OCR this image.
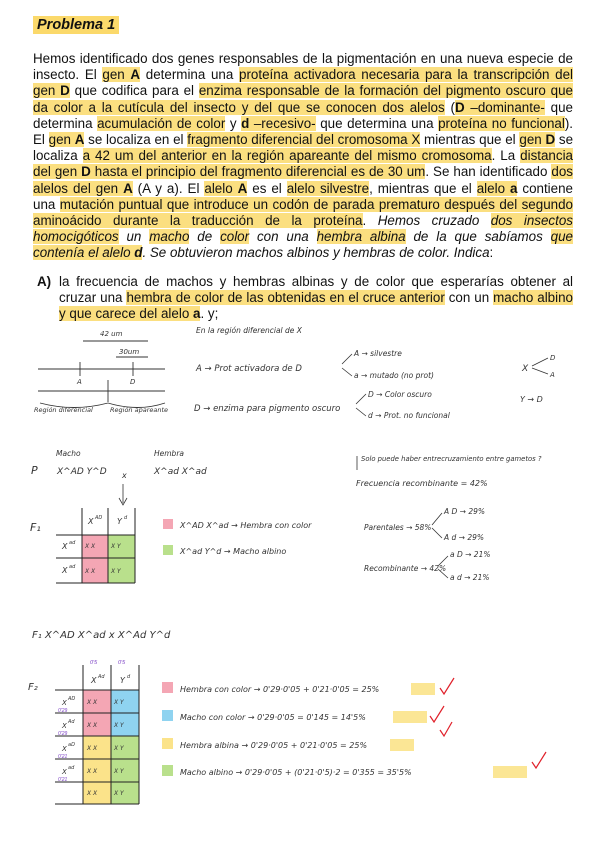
Problema 1
Hemos identificado dos genes responsables de la pigmentación en una nueva especie de insecto. El gen A determina una proteína activadora necesaria para la transcripción del gen D que codifica para el enzima responsable de la formación del pigmento oscuro que da color a la cutícula del insecto y del que se conocen dos alelos (D –dominante- que determina acumulación de color y d –recesivo- que determina una proteína no funcional). El gen A se localiza en el fragmento diferencial del cromosoma X mientras que el gen D se localiza a 42 um del anterior en la región apareante del mismo cromosoma. La distancia del gen D hasta el principio del fragmento diferencial es de 30 um. Se han identificado dos alelos del gen A (A y a). El alelo A es el alelo silvestre, mientras que el alelo a contiene una mutación puntual que introduce un codón de parada prematuro después del segundo aminoácido durante la traducción de la proteína. Hemos cruzado dos insectos homocigóticos un macho de color con una hembra albina de la que sabíamos que contenía el alelo d. Se obtuvieron machos albinos y hembras de color. Indica:
A) la frecuencia de machos y hembras albinas y de color que esperarías obtener al cruzar una hembra de color de las obtenidas en el cruce anterior con un macho albino y que carece del alelo a. y;
42 um
30um
A	D
Región diferencial	Región apareante
En la región diferencial de X
A → Prot activadora de D
A → silvestre
a → mutado (no prot)
D → enzima para pigmento oscuro
D → Color oscuro
d → Prot. no funcional
X
D
A
Y → D
Macho	Hembra
P X^AD Y^D x	X^ad X^ad
F₁	X AD Y d
X ad
X ad
X X	X Y
X X	X Y
X^AD X^ad → Hembra con color
X^ad Y^d → Macho albino
Solo puede haber entrecruzamiento entre gametos ?
Frecuencia recombinante = 42%
Parentales → 58%
A D → 29%
A d → 29%
Recombinante → 42%
a D → 21%
a d → 21%
F₁ X^AD X^ad x X^Ad Y^d
F₂
0'5	0'5
X Ad Y d
X AD
0'29
X Ad
0'29
X aD
0'21
X ad
0'21
X X	X Y
X X	X Y
X X	X Y
X X	X Y
X X	X Y
Hembra con color → 0'29·0'05 + 0'21·0'05 = 25%
Macho con color → 0'29·0'05 = 0'145 = 14'5%
Hembra albina → 0'29·0'05 + 0'21·0'05 = 25%
Macho albino → 0'29·0'05 + (0'21·0'5)·2 = 0'355 = 35'5%
